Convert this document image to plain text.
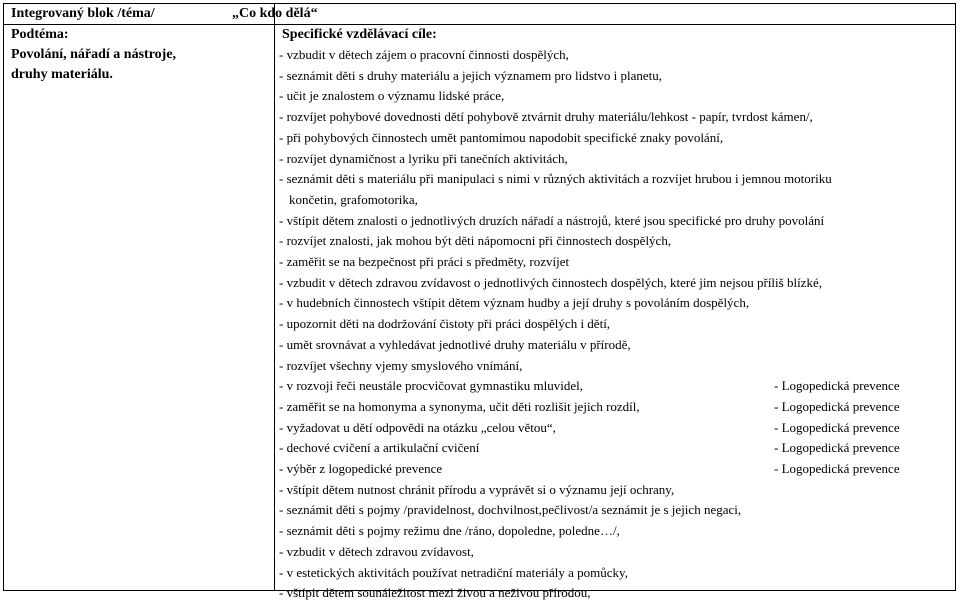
Integrovaný blok /téma/	„Co kdo dělá“
Podtéma:	Specifické vzdělávací cíle:
Povolání, nářadí a nástroje,
druhy materiálu.
- vzbudit v dětech zájem o pracovní činnosti dospělých,
- seznámit děti s druhy materiálu a jejich významem pro lidstvo i planetu,
- učit je znalostem o významu lidské práce,
- rozvíjet pohybové dovednosti dětí pohybově ztvárnit druhy materiálu/lehkost - papír, tvrdost kámen/,
- při pohybových činnostech umět pantomimou napodobit specifické znaky povolání,
- rozvíjet dynamičnost a lyriku při tanečních aktivitách,
- seznámit děti s materiálu při manipulaci s nimi v různých aktivitách a rozvíjet hrubou i jemnou motoriku
končetin, grafomotorika,
- vštípit dětem znalosti o jednotlivých druzích nářadí a nástrojů, které jsou specifické pro druhy povolání
- rozvíjet znalosti, jak mohou být děti nápomocni při činnostech dospělých,
- zaměřit se na bezpečnost při práci s předměty, rozvíjet
- vzbudit v dětech zdravou zvídavost o jednotlivých činnostech dospělých, které jim nejsou příliš blízké,
- v hudebních činnostech vštípit dětem význam hudby a její druhy s povoláním dospělých,
- upozornit děti na dodržování čistoty při práci dospělých i dětí,
- umět srovnávat a vyhledávat jednotlivé druhy materiálu v přírodě,
- rozvíjet všechny vjemy smyslového vnímání,
- v rozvoji řeči neustále procvičovat gymnastiku mluvidel,
- zaměřit se na homonyma a synonyma, učit děti rozlišit jejich rozdíl,
- vyžadovat u dětí odpovědi na otázku „celou větou“,
- dechové cvičení a artikulační cvičení
- výběr z logopedické prevence
- vštípit dětem nutnost chránit přírodu a vyprávět si o významu její ochrany,
- seznámit děti s pojmy /pravidelnost, dochvilnost,pečlivost/a seznámit je s jejich negaci,
- seznámit děti s pojmy režimu dne /ráno, dopoledne, poledne…/,
- vzbudit v dětech zdravou zvídavost,
- v estetických aktivitách používat netradiční materiály a pomůcky,
- vštípit dětem sounáležitost mezi živou a neživou přírodou,
- Logopedická prevence
- Logopedická prevence
- Logopedická prevence
- Logopedická prevence
- Logopedická prevence
